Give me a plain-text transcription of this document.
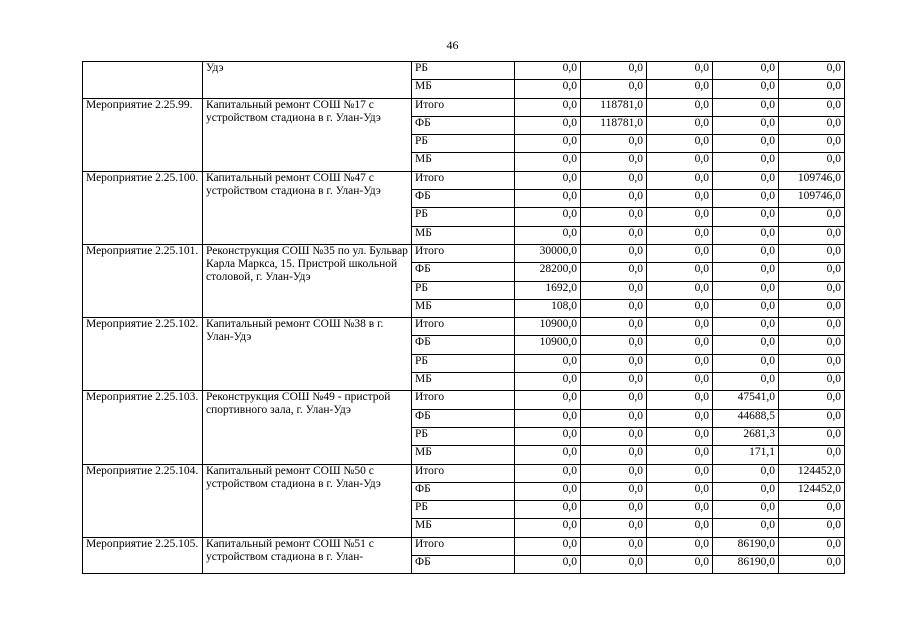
46
	Удэ	РБ	0,0	0,0	0,0	0,0	0,0
		МБ	0,0	0,0	0,0	0,0	0,0
Мероприятие 2.25.99.	Капитальный ремонт СОШ №17 с устройством стадиона в г. Улан-Удэ	Итого	0,0	118781,0	0,0	0,0	0,0
		ФБ	0,0	118781,0	0,0	0,0	0,0
		РБ	0,0	0,0	0,0	0,0	0,0
		МБ	0,0	0,0	0,0	0,0	0,0
Мероприятие 2.25.100.	Капитальный ремонт СОШ №47 с устройством стадиона в г. Улан-Удэ	Итого	0,0	0,0	0,0	0,0	109746,0
		ФБ	0,0	0,0	0,0	0,0	109746,0
		РБ	0,0	0,0	0,0	0,0	0,0
		МБ	0,0	0,0	0,0	0,0	0,0
Мероприятие 2.25.101.	Реконструкция СОШ №35 по ул. Бульвар Карла Маркса, 15. Пристрой школьной столовой, г. Улан-Удэ	Итого	30000,0	0,0	0,0	0,0	0,0
		ФБ	28200,0	0,0	0,0	0,0	0,0
		РБ	1692,0	0,0	0,0	0,0	0,0
		МБ	108,0	0,0	0,0	0,0	0,0
Мероприятие 2.25.102.	Капитальный ремонт СОШ №38 в г. Улан-Удэ	Итого	10900,0	0,0	0,0	0,0	0,0
		ФБ	10900,0	0,0	0,0	0,0	0,0
		РБ	0,0	0,0	0,0	0,0	0,0
		МБ	0,0	0,0	0,0	0,0	0,0
Мероприятие 2.25.103.	Реконструкция СОШ №49 - пристрой спортивного зала, г. Улан-Удэ	Итого	0,0	0,0	0,0	47541,0	0,0
		ФБ	0,0	0,0	0,0	44688,5	0,0
		РБ	0,0	0,0	0,0	2681,3	0,0
		МБ	0,0	0,0	0,0	171,1	0,0
Мероприятие 2.25.104.	Капитальный ремонт СОШ №50 с устройством стадиона в г. Улан-Удэ	Итого	0,0	0,0	0,0	0,0	124452,0
		ФБ	0,0	0,0	0,0	0,0	124452,0
		РБ	0,0	0,0	0,0	0,0	0,0
		МБ	0,0	0,0	0,0	0,0	0,0
Мероприятие 2.25.105.	Капитальный ремонт СОШ №51 с устройством стадиона в г. Улан-	Итого	0,0	0,0	0,0	86190,0	0,0
		ФБ	0,0	0,0	0,0	86190,0	0,0
